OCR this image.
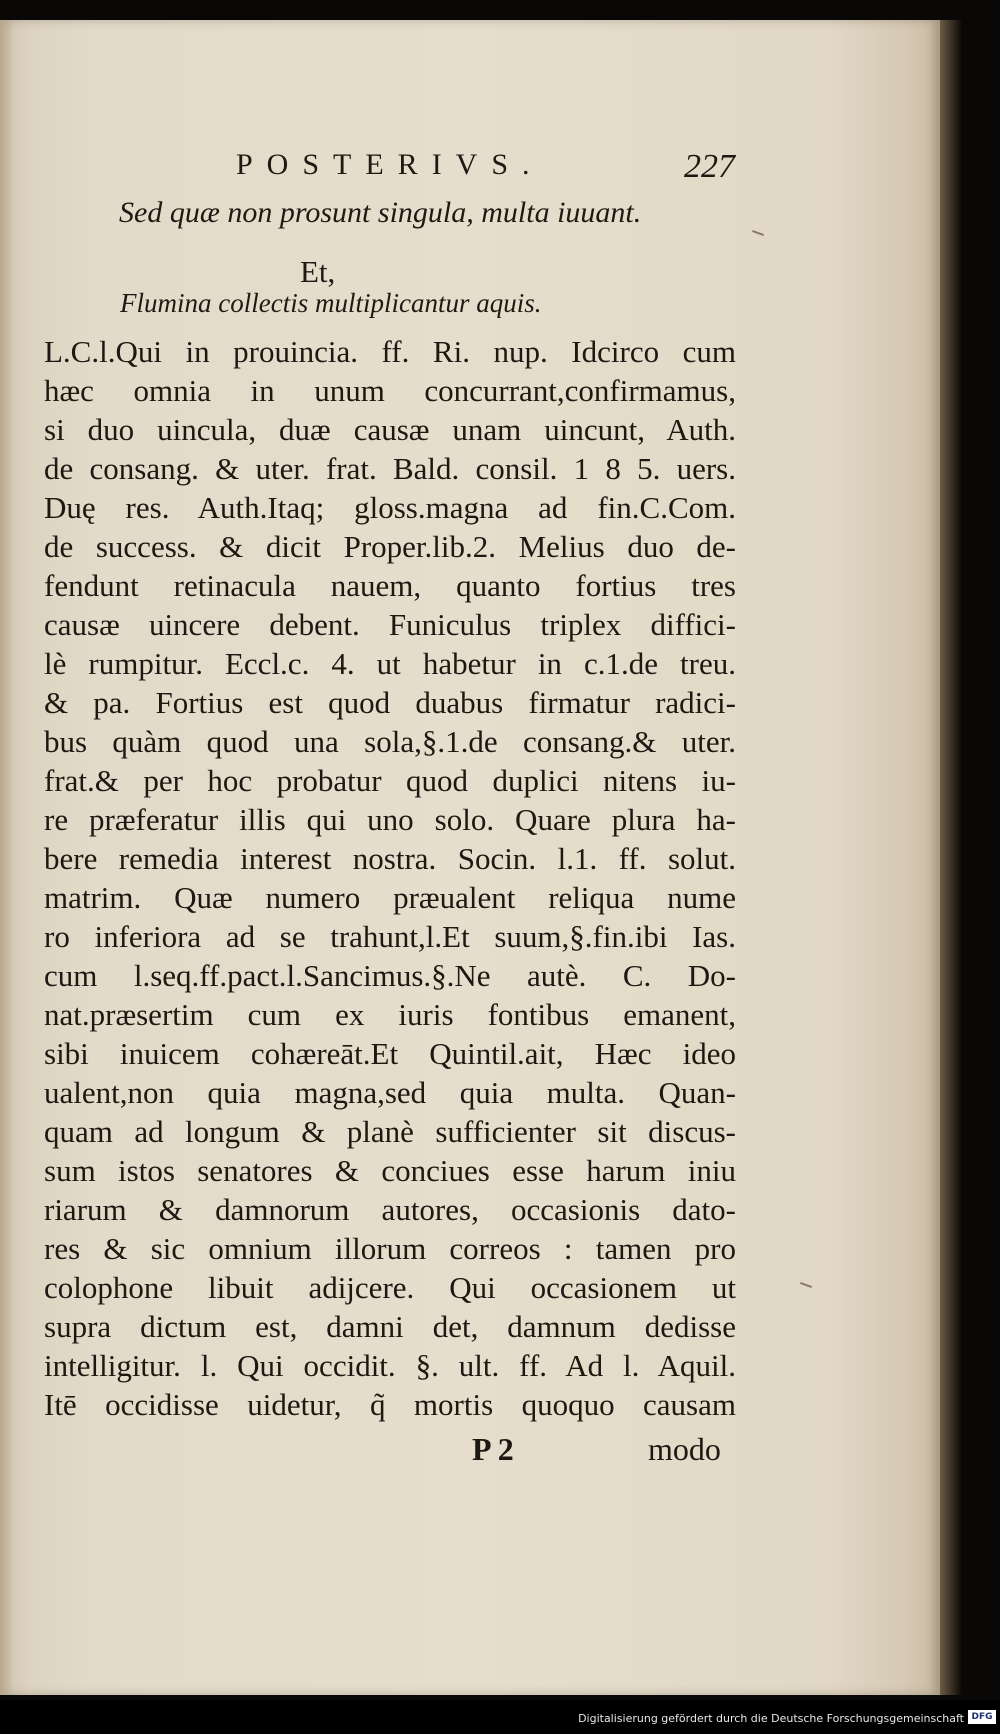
POSTERIVS.	227
Sed quæ non prosunt singula, multa iuuant.
Et,
Flumina collectis multiplicantur aquis.
L.C.l.Qui in prouincia. ff. Ri. nup. Idcirco cum
hæc omnia in unum concurrant,confirmamus,
si duo uincula, duæ causæ unam uincunt, Auth.
de consang. & uter. frat. Bald. consil. 1 8 5. uers.
Duę res. Auth.Itaq; gloss.magna ad fin.C.Com.
de success. & dicit Proper.lib.2. Melius duo de-
fendunt retinacula nauem, quanto fortius tres
causæ uincere debent. Funiculus triplex diffici-
lè rumpitur. Eccl.c. 4. ut habetur in c.1.de treu.
& pa. Fortius est quod duabus firmatur radici-
bus quàm quod una sola,§.1.de consang.& uter.
frat.& per hoc probatur quod duplici nitens iu-
re præferatur illis qui uno solo. Quare plura ha-
bere remedia interest nostra. Socin. l.1. ff. solut.
matrim. Quæ numero præualent reliqua nume
ro inferiora ad se trahunt,l.Et suum,§.fin.ibi Ias.
cum l.seq.ff.pact.l.Sancimus.§.Ne autè. C. Do-
nat.præsertim cum ex iuris fontibus emanent,
sibi inuicem cohæreāt.Et Quintil.ait, Hæc ideo
ualent,non quia magna,sed quia multa. Quan-
quam ad longum & planè sufficienter sit discus-
sum istos senatores & conciues esse harum iniu
riarum & damnorum autores, occasionis dato-
res & sic omnium illorum correos : tamen pro
colophone libuit adijcere. Qui occasionem ut
supra dictum est, damni det, damnum dedisse
intelligitur. l. Qui occidit. §. ult. ff. Ad l. Aquil.
Itē occidisse uidetur, q̃ mortis quoquo causam
P 2	modo
Digitalisierung gefördert durch die Deutsche Forschungsgemeinschaft DFG
